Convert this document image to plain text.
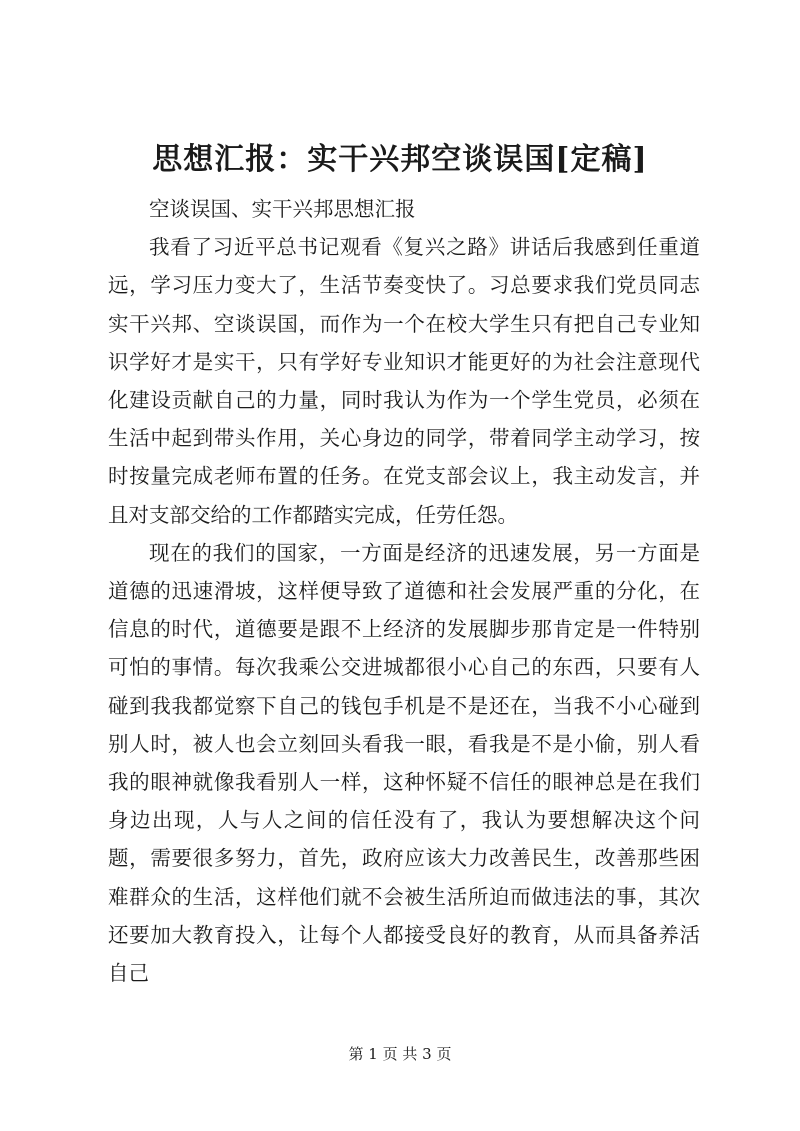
思想汇报：实干兴邦空谈误国[定稿]

空谈误国、实干兴邦思想汇报

我看了习近平总书记观看《复兴之路》讲话后我感到任重道远，学习压力变大了，生活节奏变快了。习总要求我们党员同志实干兴邦、空谈误国，而作为一个在校大学生只有把自己专业知识学好才是实干，只有学好专业知识才能更好的为社会注意现代化建设贡献自己的力量，同时我认为作为一个学生党员，必须在生活中起到带头作用，关心身边的同学，带着同学主动学习，按时按量完成老师布置的任务。在党支部会议上，我主动发言，并且对支部交给的工作都踏实完成，任劳任怨。

现在的我们的国家，一方面是经济的迅速发展，另一方面是道德的迅速滑坡，这样便导致了道德和社会发展严重的分化，在信息的时代，道德要是跟不上经济的发展脚步那肯定是一件特别可怕的事情。每次我乘公交进城都很小心自己的东西，只要有人碰到我我都觉察下自己的钱包手机是不是还在，当我不小心碰到别人时，被人也会立刻回头看我一眼，看我是不是小偷，别人看我的眼神就像我看别人一样，这种怀疑不信任的眼神总是在我们身边出现，人与人之间的信任没有了，我认为要想解决这个问题，需要很多努力，首先，政府应该大力改善民生，改善那些困难群众的生活，这样他们就不会被生活所迫而做违法的事，其次还要加大教育投入，让每个人都接受良好的教育，从而具备养活自己

第 1 页 共 3 页
